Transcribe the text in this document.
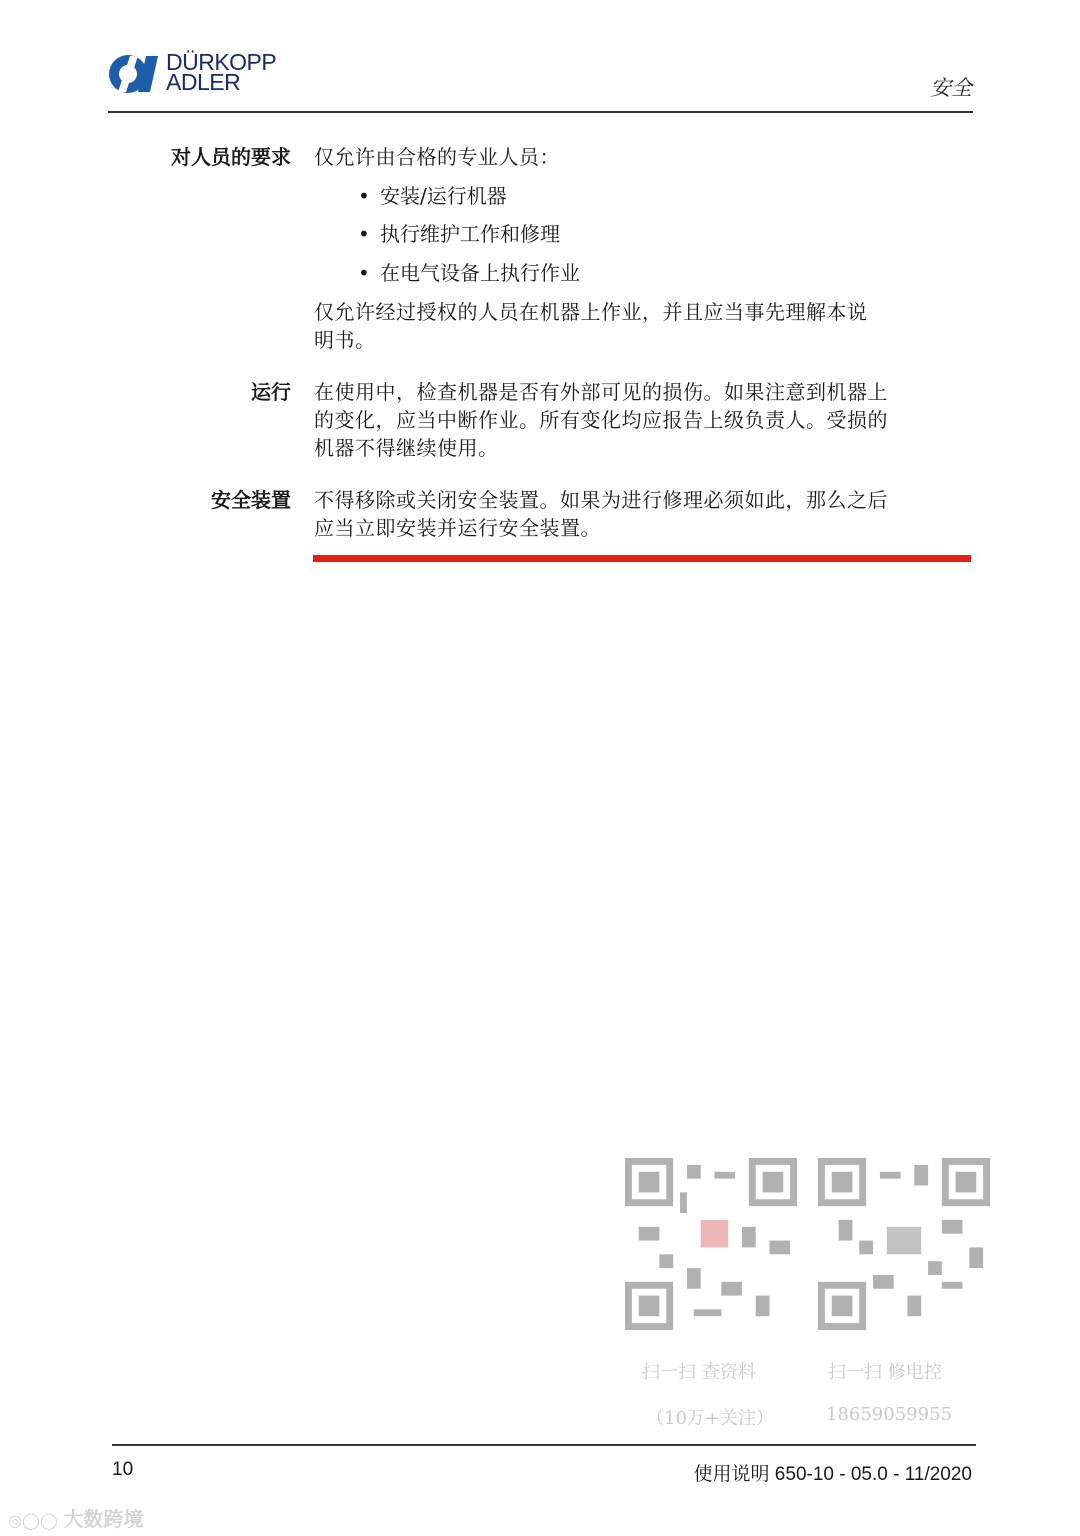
DÜRKOPP
ADLER	安全
对人员的要求 仅允许由合格的专业人员：
• 安装/运行机器
• 执行维护工作和修理
• 在电气设备上执行作业
仅允许经过授权的人员在机器上作业，并且应当事先理解本说
明书。
运行 在使用中，检查机器是否有外部可见的损伤。如果注意到机器上
的变化，应当中断作业。所有变化均应报告上级负责人。受损的
机器不得继续使用。
安全装置 不得移除或关闭安全装置。如果为进行修理必须如此，那么之后
应当立即安装并运行安全装置。
扫一扫 查资料
（10万+关注）
扫一扫 修电控
18659059955
10	使用说明 650-10 - 05.0 - 11/2020
◎◯◯ 大数跨境
